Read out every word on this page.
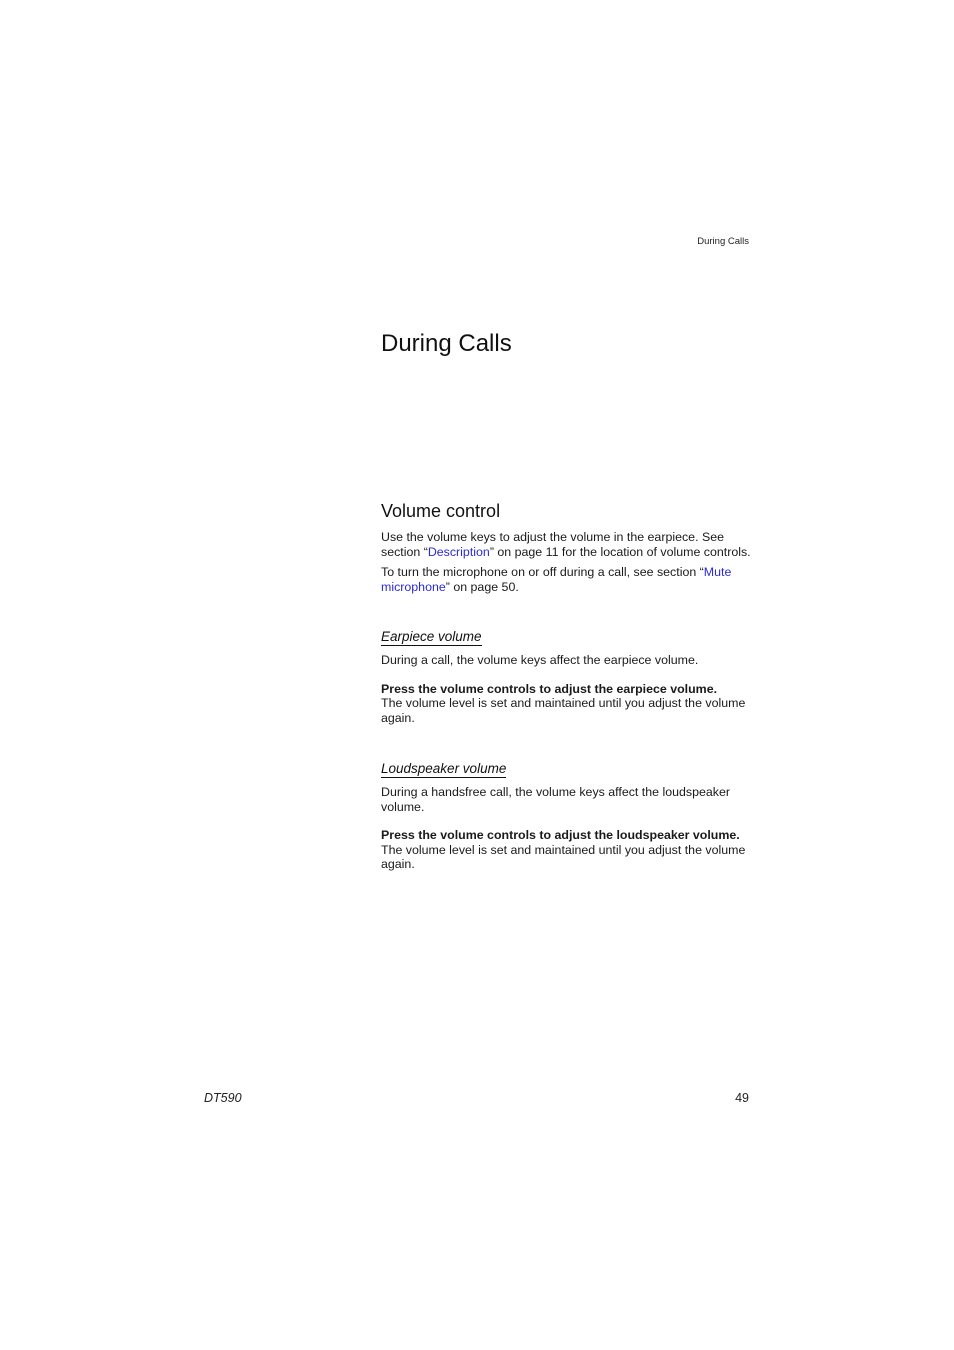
During Calls
During Calls
Volume control

Use the volume keys to adjust the volume in the earpiece. See section “Description” on page 11 for the location of volume controls.

To turn the microphone on or off during a call, see section “Mute microphone” on page 50.

Earpiece volume

During a call, the volume keys affect the earpiece volume.

Press the volume controls to adjust the earpiece volume.

The volume level is set and maintained until you adjust the volume again.

Loudspeaker volume

During a handsfree call, the volume keys affect the loudspeaker volume.

Press the volume controls to adjust the loudspeaker volume.

The volume level is set and maintained until you adjust the volume again.

DT590	49
